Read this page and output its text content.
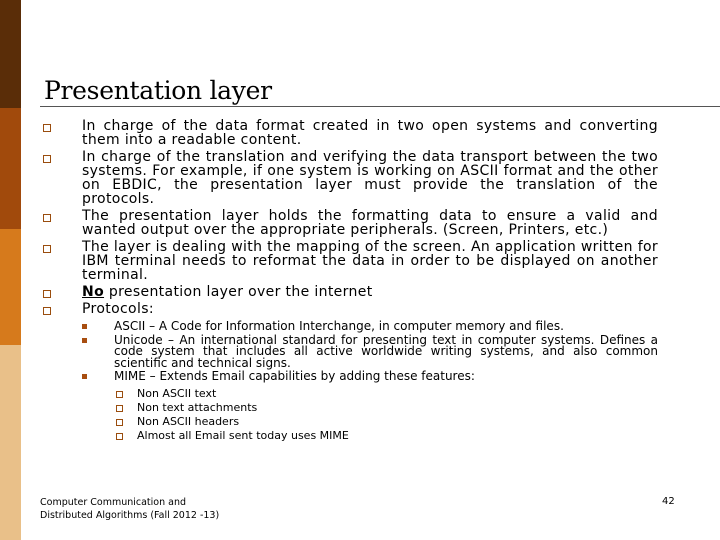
Presentation layer
In charge of the data format created in two open systems and converting them into a readable content.
In charge of the translation and verifying the data transport between the two systems. For example, if one system is working on ASCII format and the other on EBDIC, the presentation layer must provide the translation of the protocols.
The presentation layer holds the formatting data to ensure a valid and wanted output over the appropriate peripherals. (Screen, Printers, etc.)
The layer is dealing with the mapping of the screen. An application written for IBM terminal needs to reformat the data in order to be displayed on another terminal.
No presentation layer over the internet
Protocols:
ASCII – A Code for Information Interchange, in computer memory and files.
Unicode – An international standard for presenting text in computer systems. Defines a code system that includes all active worldwide writing systems, and also common scientific and technical signs.
MIME – Extends Email capabilities by adding these features:
Non ASCII text
Non text attachments
Non ASCII headers
Almost all Email sent today uses MIME
Computer Communication and Distributed Algorithms (Fall 2012 -13)
42
